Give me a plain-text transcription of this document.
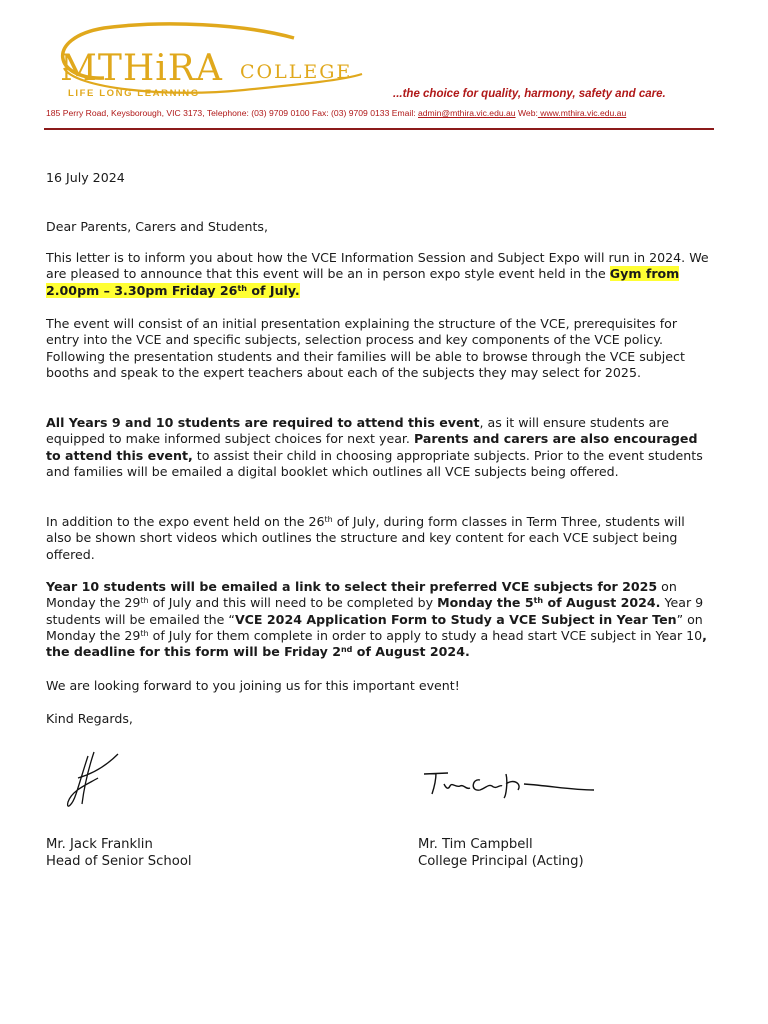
MTHiRA COLLEGE
LIFE LONG LEARNING	...the choice for quality, harmony, safety and care.
185 Perry Road, Keysborough, VIC 3173, Telephone: (03) 9709 0100 Fax: (03) 9709 0133 Email: admin@mthira.vic.edu.au Web: www.mthira.vic.edu.au
16 July 2024
Dear Parents, Carers and Students,

This letter is to inform you about how the VCE Information Session and Subject Expo will run in 2024. We are pleased to announce that this event will be an in person expo style event held in the Gym from 2.00pm – 3.30pm Friday 26th of July.

The event will consist of an initial presentation explaining the structure of the VCE, prerequisites for entry into the VCE and specific subjects, selection process and key components of the VCE policy. Following the presentation students and their families will be able to browse through the VCE subject booths and speak to the expert teachers about each of the subjects they may select for 2025.

All Years 9 and 10 students are required to attend this event, as it will ensure students are equipped to make informed subject choices for next year. Parents and carers are also encouraged to attend this event, to assist their child in choosing appropriate subjects. Prior to the event students and families will be emailed a digital booklet which outlines all VCE subjects being offered.

In addition to the expo event held on the 26th of July, during form classes in Term Three, students will also be shown short videos which outlines the structure and key content for each VCE subject being offered.

Year 10 students will be emailed a link to select their preferred VCE subjects for 2025 on Monday the 29th of July and this will need to be completed by Monday the 5th of August 2024. Year 9 students will be emailed the “VCE 2024 Application Form to Study a VCE Subject in Year Ten” on Monday the 29th of July for them complete in order to apply to study a head start VCE subject in Year 10, the deadline for this form will be Friday 2nd of August 2024.

We are looking forward to you joining us for this important event!
Kind Regards,
Mr. Jack Franklin
Head of Senior School
Mr. Tim Campbell
College Principal (Acting)
